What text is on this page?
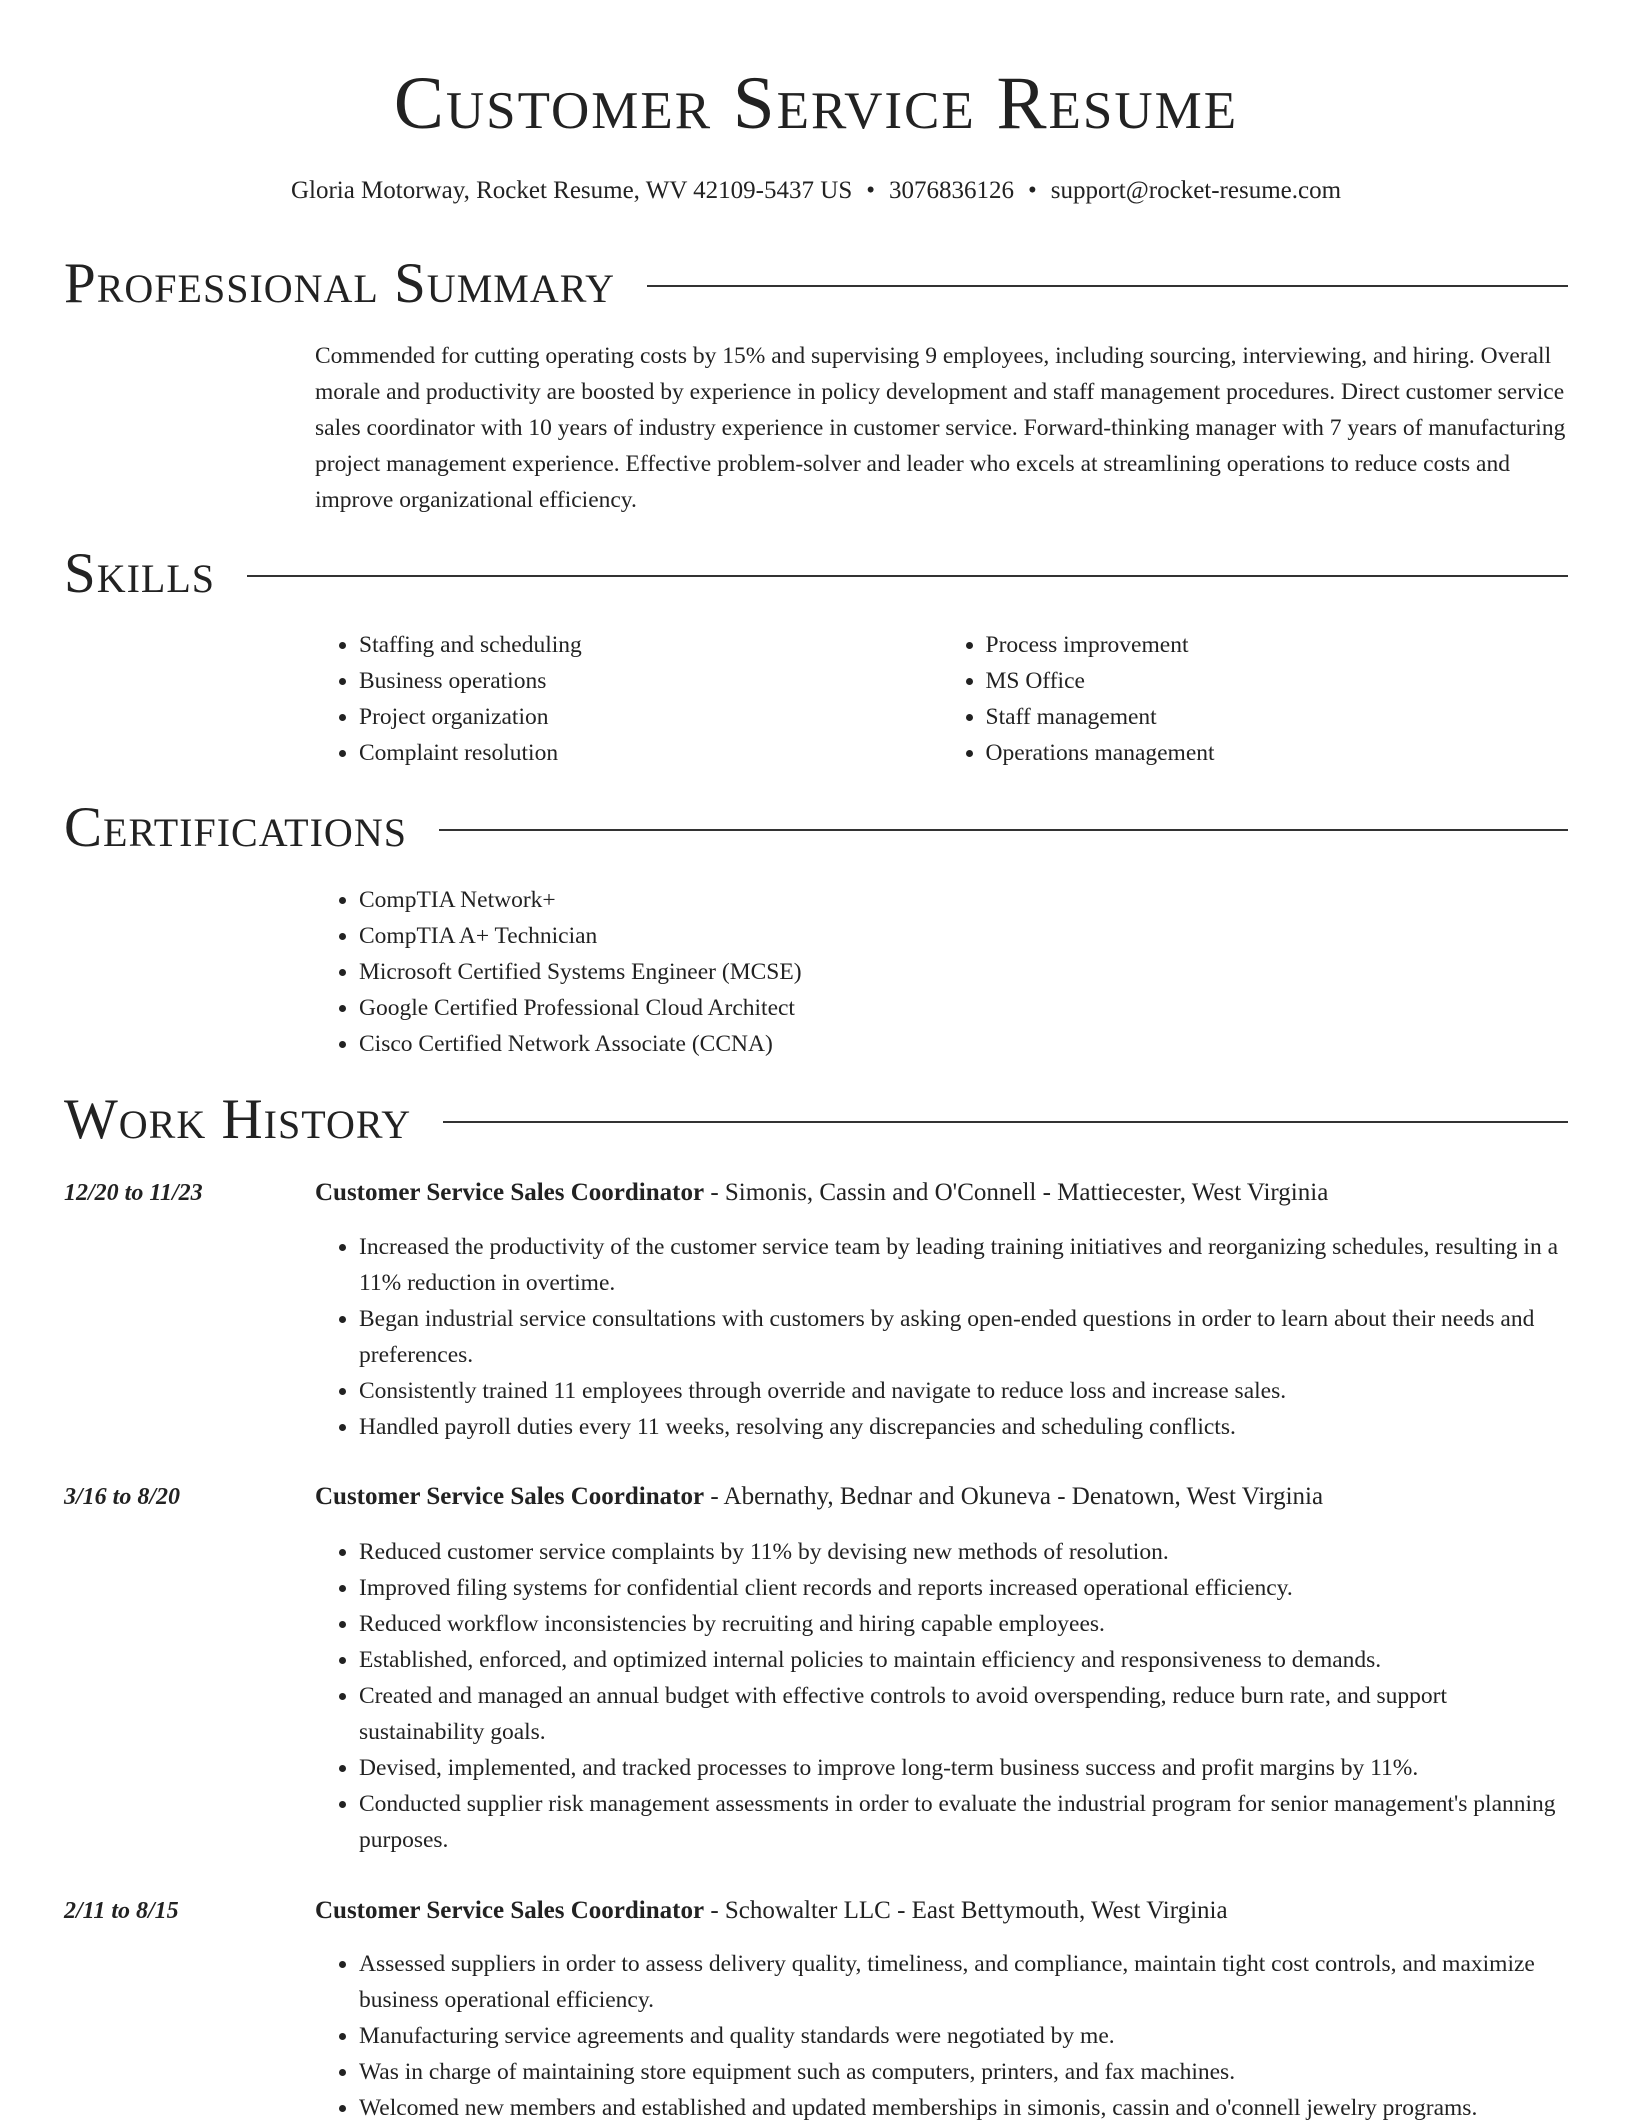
Customer Service Resume
Gloria Motorway, Rocket Resume, WV 42109-5437 US • 3076836126 • support@rocket-resume.com
Professional Summary
Commended for cutting operating costs by 15% and supervising 9 employees, including sourcing, interviewing, and hiring. Overall morale and productivity are boosted by experience in policy development and staff management procedures. Direct customer service sales coordinator with 10 years of industry experience in customer service. Forward-thinking manager with 7 years of manufacturing project management experience. Effective problem-solver and leader who excels at streamlining operations to reduce costs and improve organizational efficiency.
Skills
• Staffing and scheduling
• Business operations
• Project organization
• Complaint resolution
• Process improvement
• MS Office
• Staff management
• Operations management
Certifications
• CompTIA Network+
• CompTIA A+ Technician
• Microsoft Certified Systems Engineer (MCSE)
• Google Certified Professional Cloud Architect
• Cisco Certified Network Associate (CCNA)
Work History
12/20 to 11/23	Customer Service Sales Coordinator - Simonis, Cassin and O'Connell - Mattiecester, West Virginia
• Increased the productivity of the customer service team by leading training initiatives and reorganizing schedules, resulting in a 11% reduction in overtime.
• Began industrial service consultations with customers by asking open-ended questions in order to learn about their needs and preferences.
• Consistently trained 11 employees through override and navigate to reduce loss and increase sales.
• Handled payroll duties every 11 weeks, resolving any discrepancies and scheduling conflicts.
3/16 to 8/20	Customer Service Sales Coordinator - Abernathy, Bednar and Okuneva - Denatown, West Virginia
• Reduced customer service complaints by 11% by devising new methods of resolution.
• Improved filing systems for confidential client records and reports increased operational efficiency.
• Reduced workflow inconsistencies by recruiting and hiring capable employees.
• Established, enforced, and optimized internal policies to maintain efficiency and responsiveness to demands.
• Created and managed an annual budget with effective controls to avoid overspending, reduce burn rate, and support sustainability goals.
• Devised, implemented, and tracked processes to improve long-term business success and profit margins by 11%.
• Conducted supplier risk management assessments in order to evaluate the industrial program for senior management's planning purposes.
2/11 to 8/15	Customer Service Sales Coordinator - Schowalter LLC - East Bettymouth, West Virginia
• Assessed suppliers in order to assess delivery quality, timeliness, and compliance, maintain tight cost controls, and maximize business operational efficiency.
• Manufacturing service agreements and quality standards were negotiated by me.
• Was in charge of maintaining store equipment such as computers, printers, and fax machines.
• Welcomed new members and established and updated memberships in simonis, cassin and o'connell jewelry programs.
